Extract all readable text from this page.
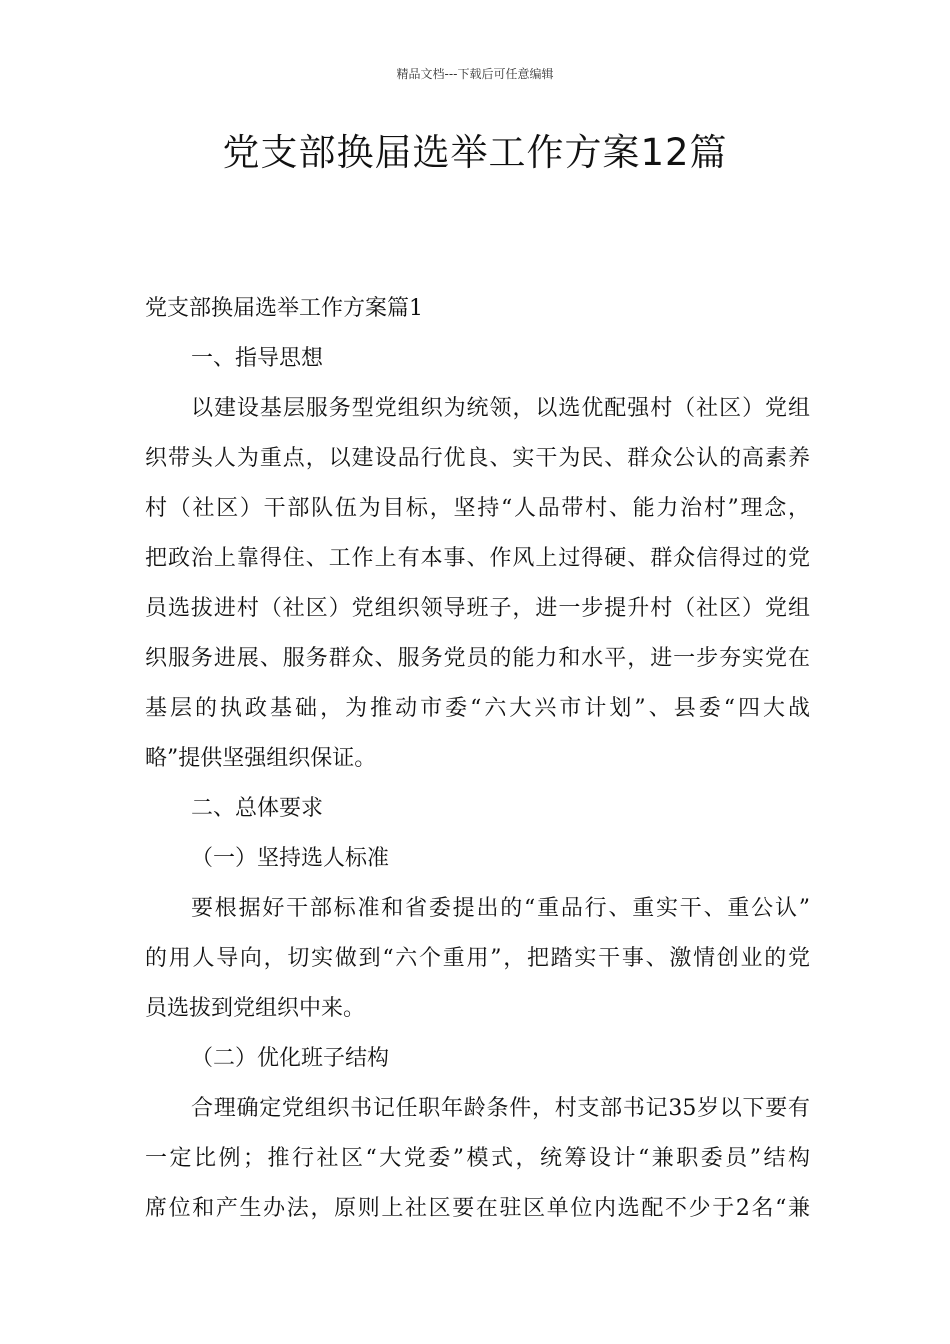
精品文档---下载后可任意编辑
党支部换届选举工作方案12篇
党支部换届选举工作方案篇1
一、指导思想
以建设基层服务型党组织为统领，以选优配强村（社区）党组
织带头人为重点，以建设品行优良、实干为民、群众公认的高素养
村（社区）干部队伍为目标，坚持“人品带村、能力治村”理念，
把政治上靠得住、工作上有本事、作风上过得硬、群众信得过的党
员选拔进村（社区）党组织领导班子，进一步提升村（社区）党组
织服务进展、服务群众、服务党员的能力和水平，进一步夯实党在
基层的执政基础，为推动市委“六大兴市计划”、县委“四大战
略”提供坚强组织保证。
二、总体要求
（一）坚持选人标准
要根据好干部标准和省委提出的“重品行、重实干、重公认”
的用人导向，切实做到“六个重用”，把踏实干事、激情创业的党
员选拔到党组织中来。
（二）优化班子结构
合理确定党组织书记任职年龄条件，村支部书记35岁以下要有
一定比例；推行社区“大党委”模式，统筹设计“兼职委员”结构
席位和产生办法，原则上社区要在驻区单位内选配不少于2名“兼
